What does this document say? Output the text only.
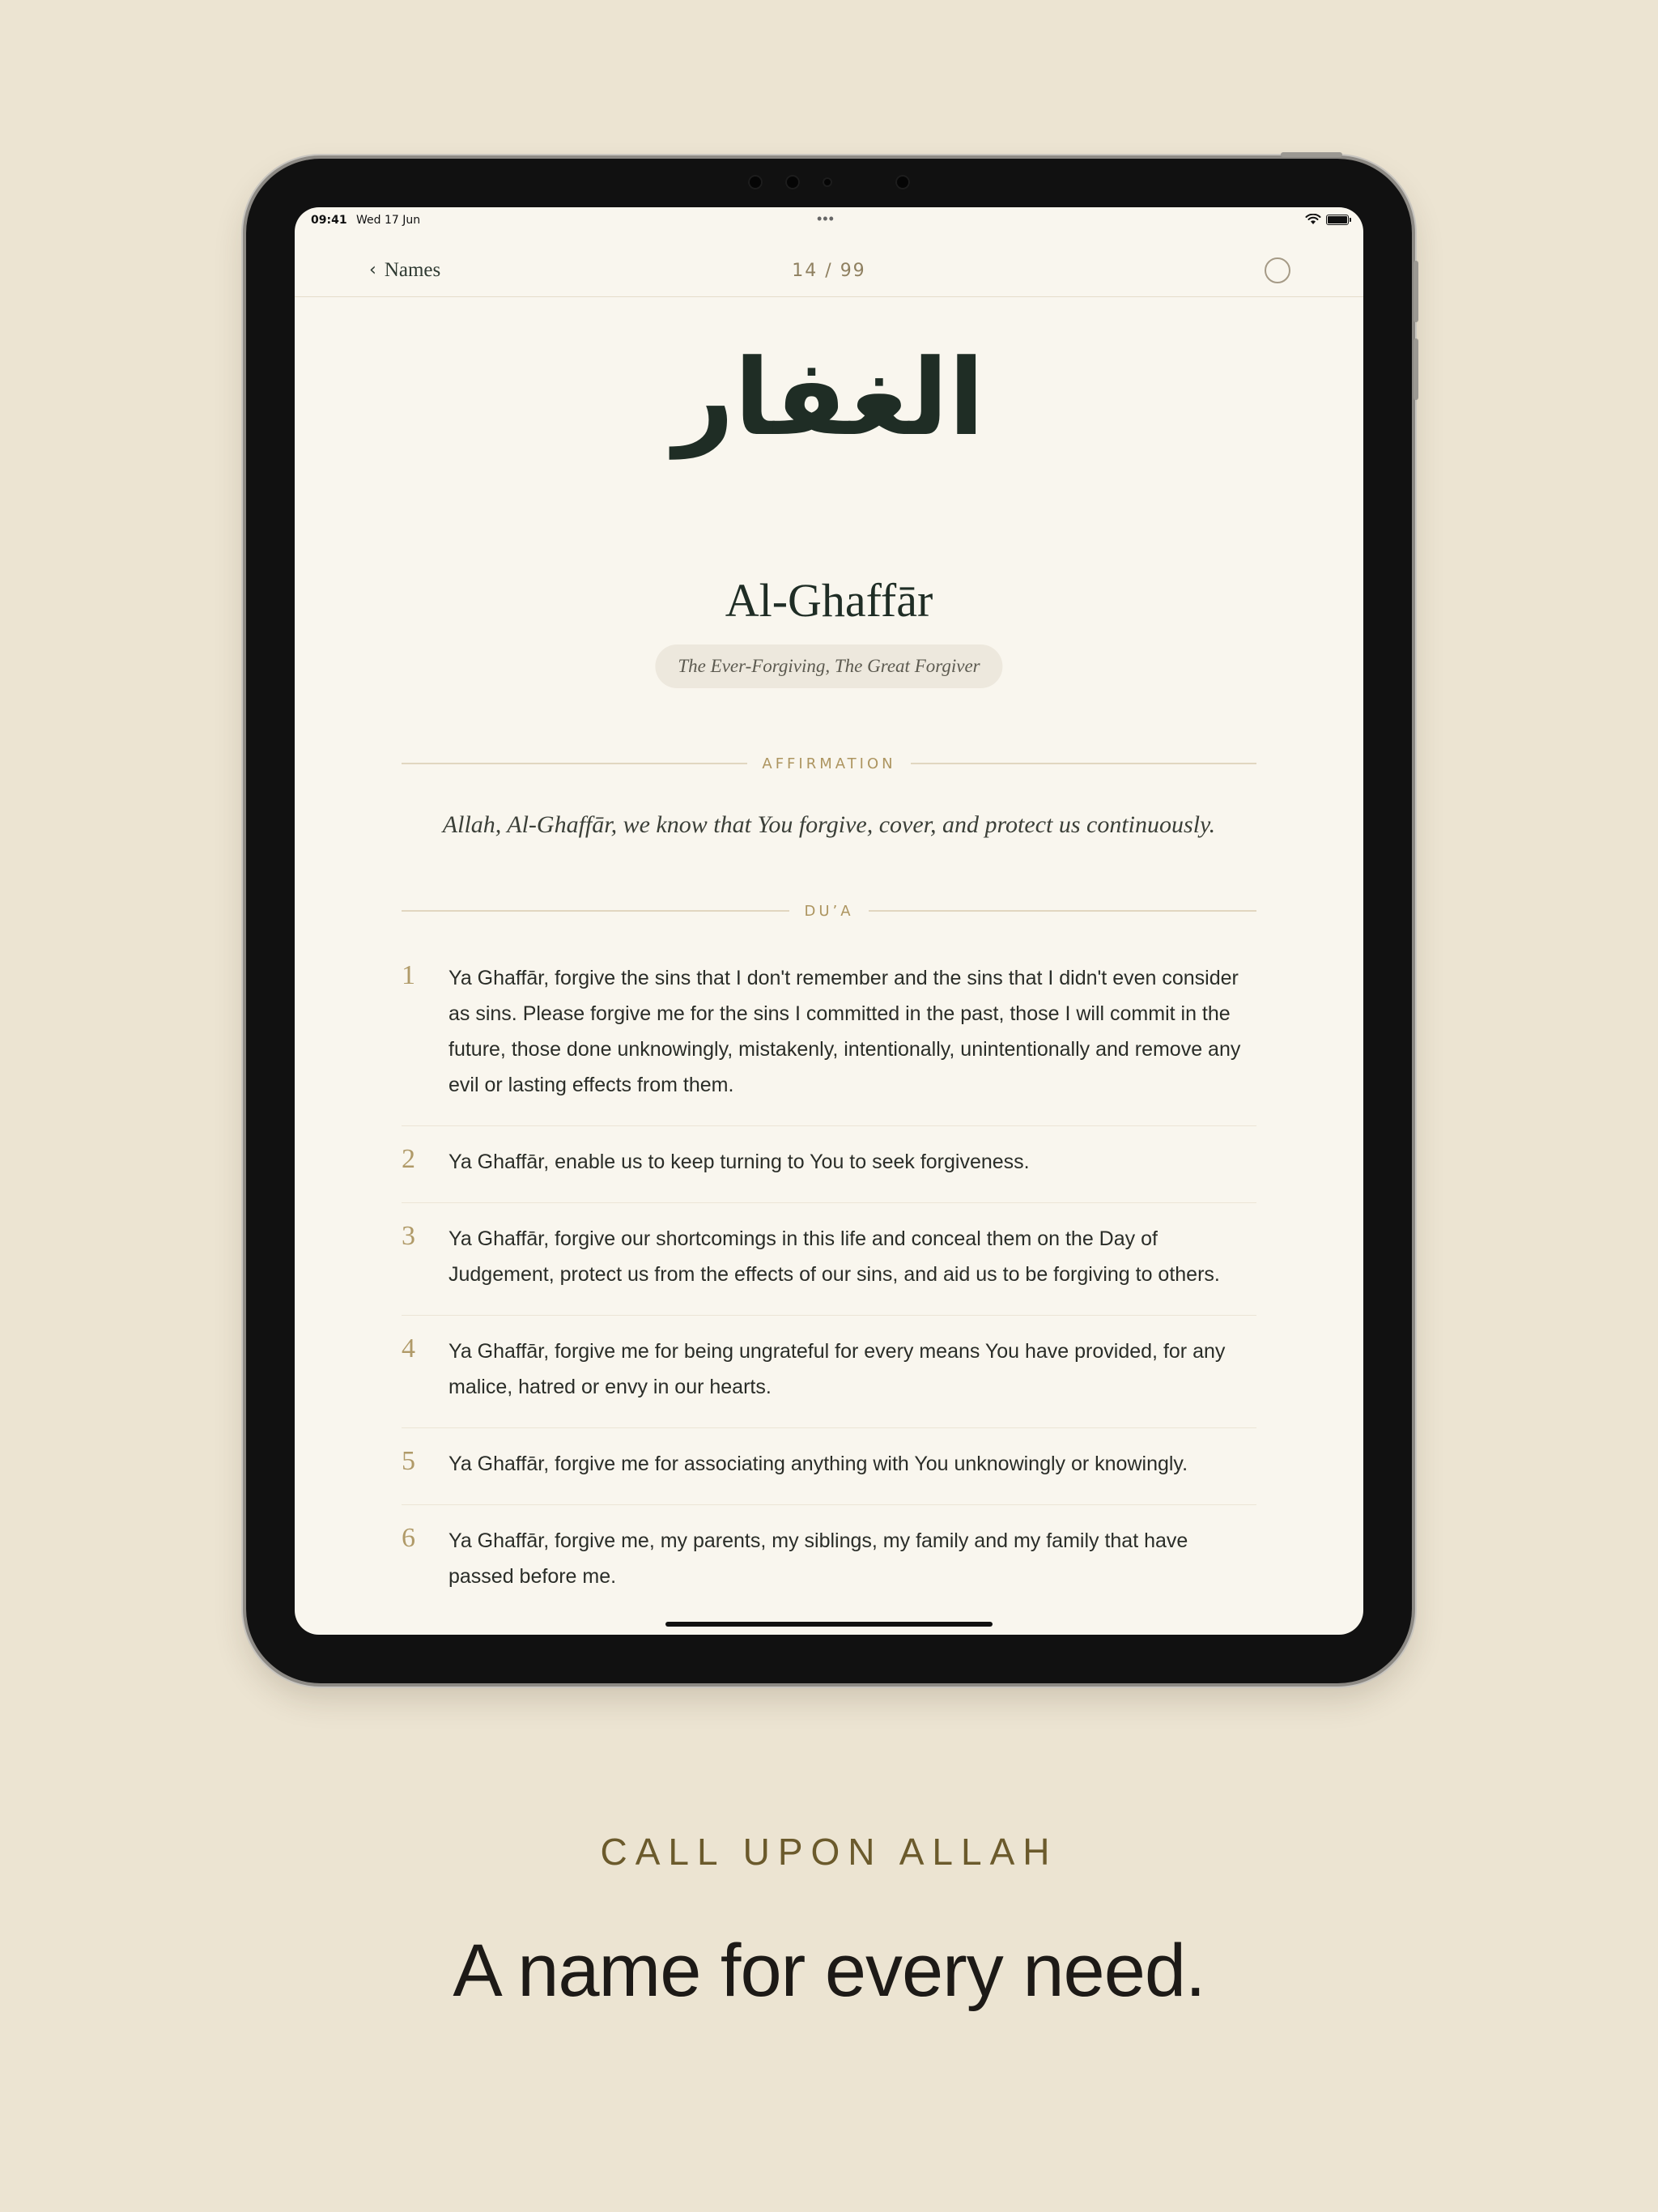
09:41 Wed 17 Jun	•••
‹ Names	14 / 99
الغفار
Al-Ghaffār
The Ever-Forgiving, The Great Forgiver
AFFIRMATION
Allah, Al-Ghaffār, we know that You forgive, cover, and protect us continuously.
DU’A
1	Ya Ghaffār, forgive the sins that I don't remember and the sins that I didn't even consider as sins. Please forgive me for the sins I committed in the past, those I will commit in the future, those done unknowingly, mistakenly, intentionally, unintentionally and remove any evil or lasting effects from them.
2	Ya Ghaffār, enable us to keep turning to You to seek forgiveness.
3	Ya Ghaffār, forgive our shortcomings in this life and conceal them on the Day of Judgement, protect us from the effects of our sins, and aid us to be forgiving to others.
4	Ya Ghaffār, forgive me for being ungrateful for every means You have provided, for any malice, hatred or envy in our hearts.
5	Ya Ghaffār, forgive me for associating anything with You unknowingly or knowingly.
6	Ya Ghaffār, forgive me, my parents, my siblings, my family and my family that have passed before me.
CALL UPON ALLAH
A name for every need.
